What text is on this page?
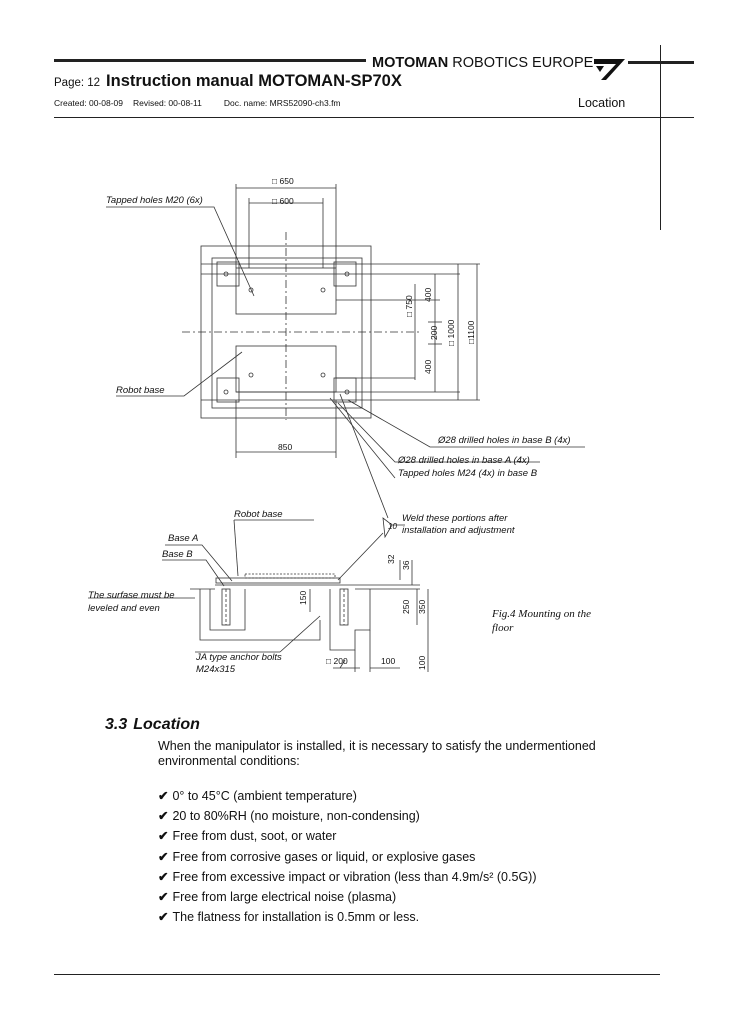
MOTOMAN ROBOTICS EUROPE
Page: 12 Instruction manual MOTOMAN-SP70X
Created: 00-08-09 Revised: 00-08-11	Doc. name: MRS52090-ch3.fm	Location
□ 650
□ 600
850
□ 750
400
200
400
□ 1000 □1100
32
36
250 350
150
□ 200	100	100
Tapped holes M20 (6x)
Robot base
Ø28 drilled holes in base B (4x)
Ø28 drilled holes in base A (4x)
Tapped holes M24 (4x) in base B
Robot base
Base A
Base B
Weld these portions after
installation and adjustment
10
The surfase must be
leveled and even
JA type anchor bolts
M24x315
Fig.4 Mounting on the
floor
3.3 Location
When the manipulator is installed, it is necessary to satisfy the undermentioned environmental conditions:
✔ 0° to 45°C (ambient temperature)
✔ 20 to 80%RH (no moisture, non-condensing)
✔ Free from dust, soot, or water
✔ Free from corrosive gases or liquid, or explosive gases
✔ Free from excessive impact or vibration (less than 4.9m/s² (0.5G))
✔ Free from large electrical noise (plasma)
✔ The flatness for installation is 0.5mm or less.
